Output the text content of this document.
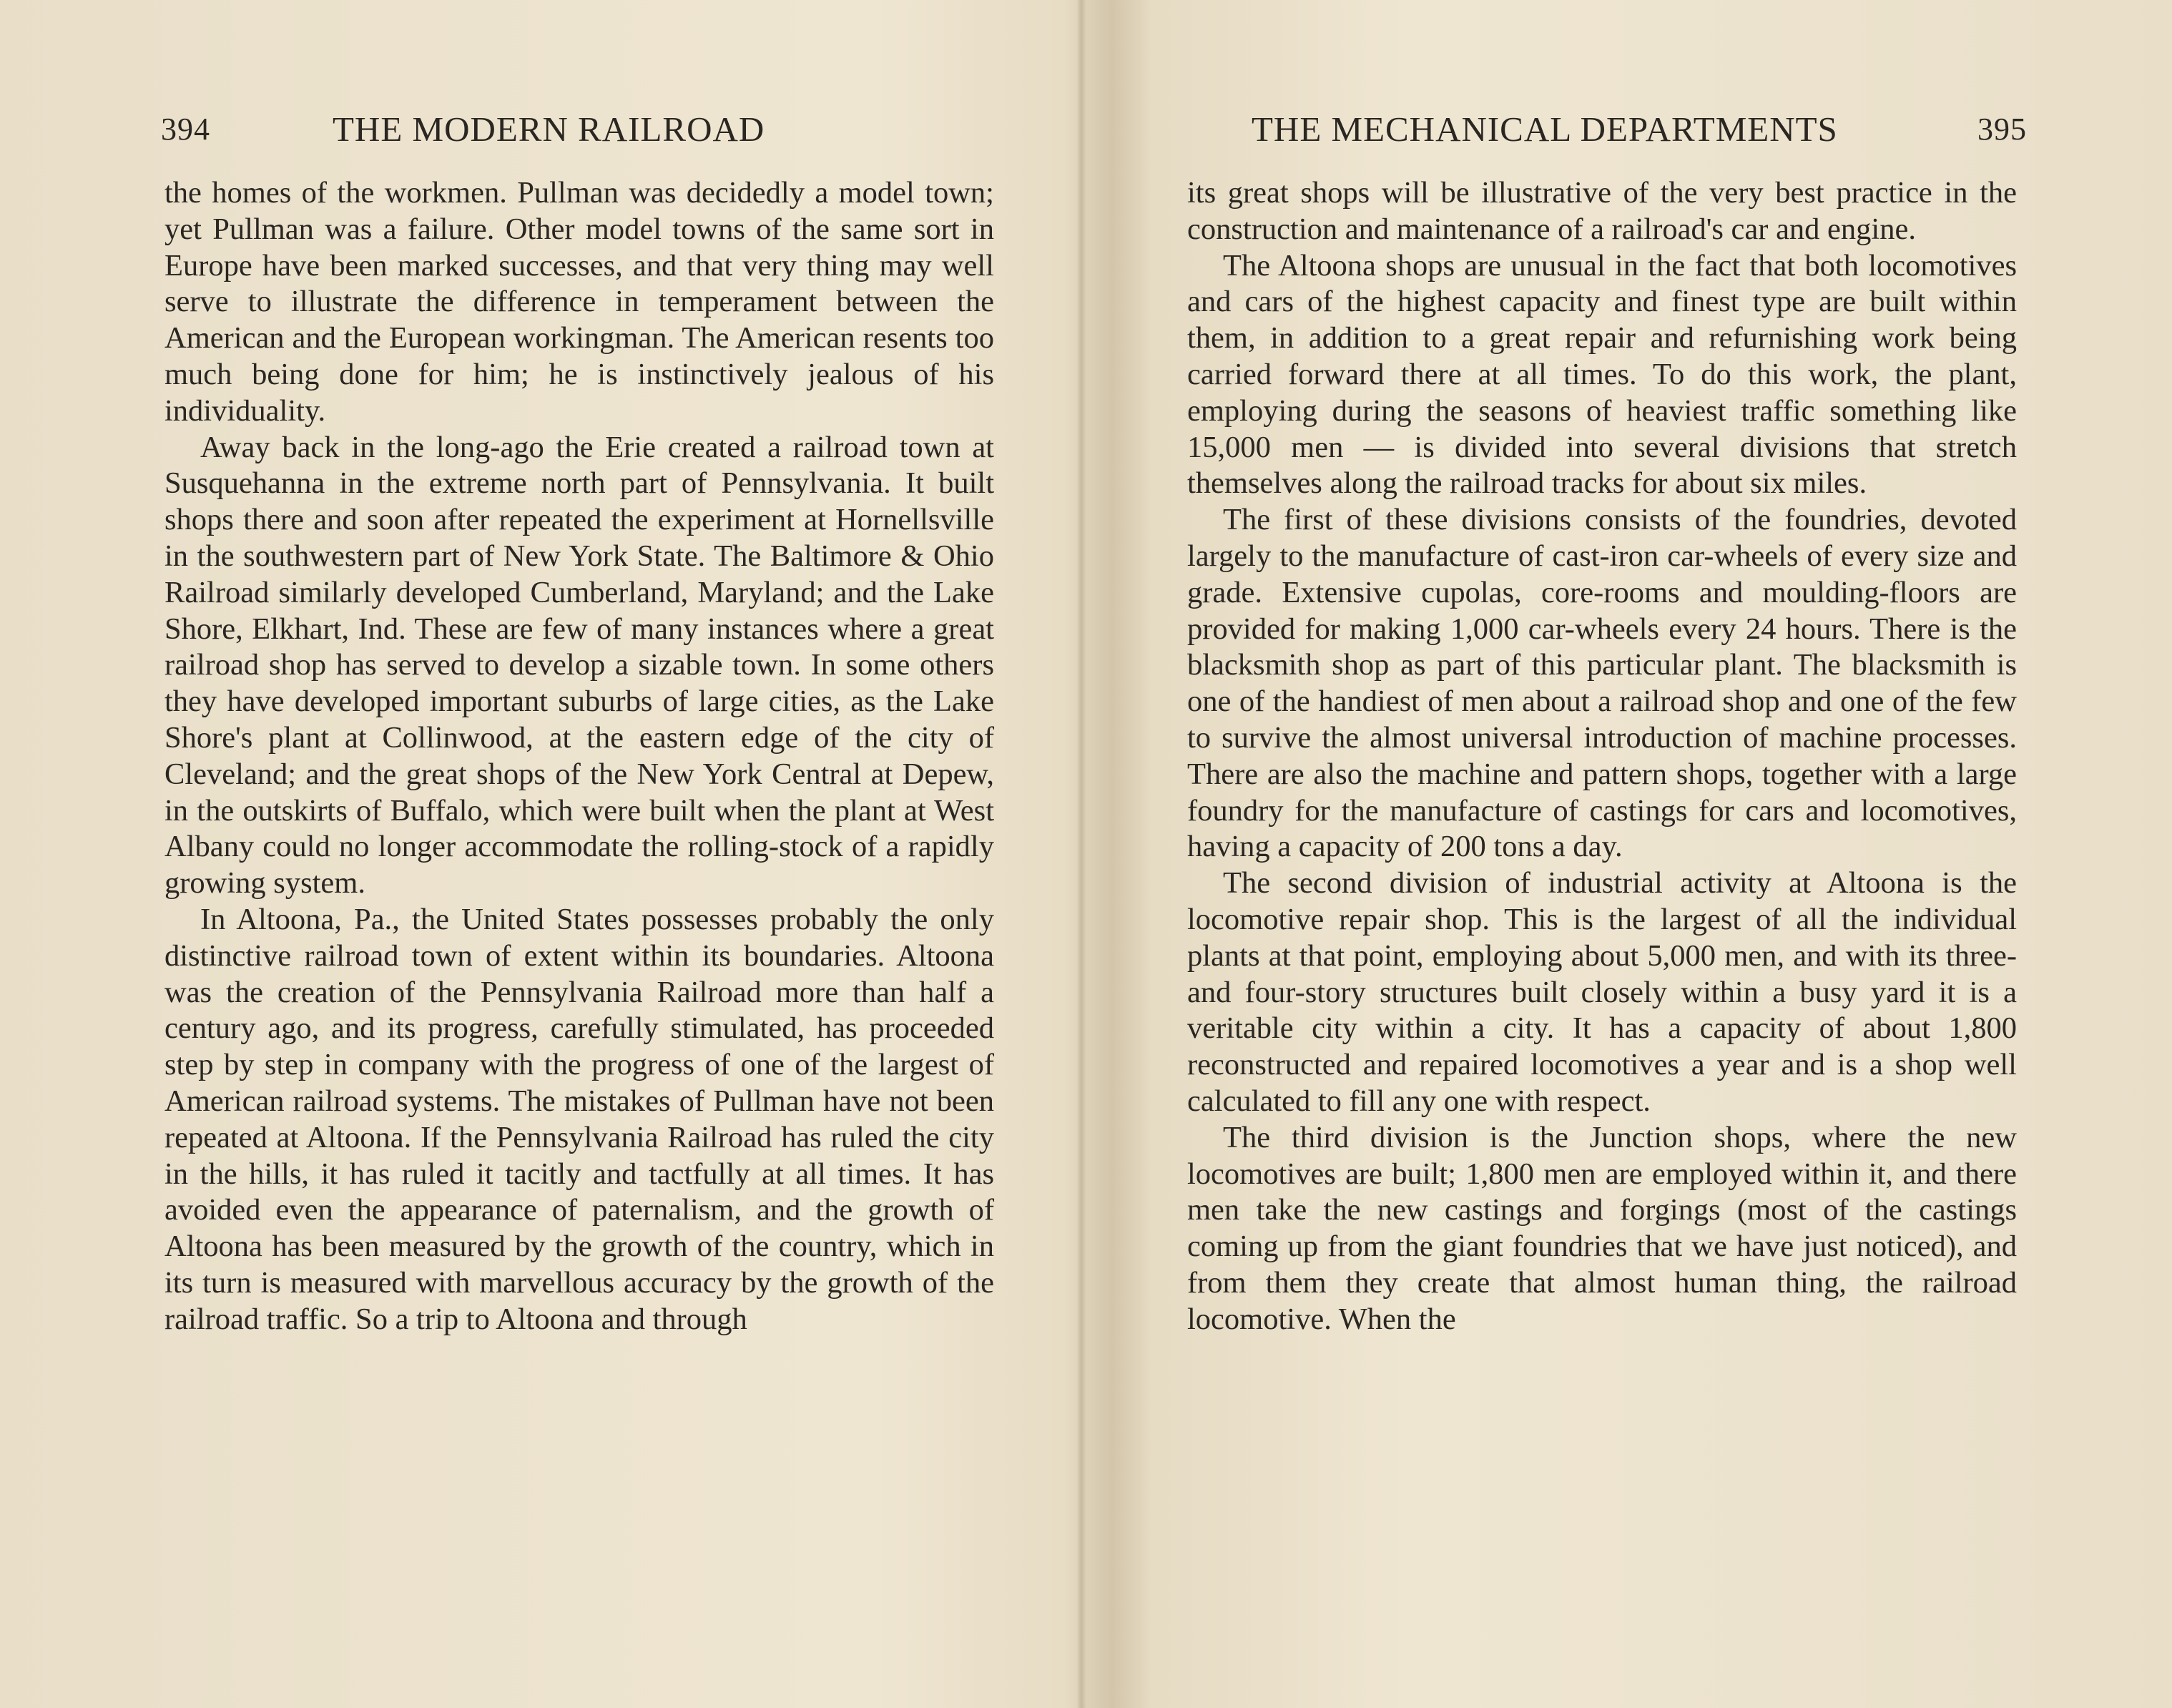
394	THE MODERN RAILROAD

the homes of the workmen. Pullman was decidedly a model town; yet Pullman was a failure. Other model towns of the same sort in Europe have been marked successes, and that very thing may well serve to illustrate the difference in temperament between the American and the European workingman. The American resents too much being done for him; he is instinctively jealous of his individuality.

Away back in the long-ago the Erie created a railroad town at Susquehanna in the extreme north part of Pennsylvania. It built shops there and soon after repeated the experiment at Hornellsville in the southwestern part of New York State. The Baltimore & Ohio Railroad similarly developed Cumberland, Maryland; and the Lake Shore, Elkhart, Ind. These are few of many instances where a great railroad shop has served to develop a sizable town. In some others they have developed important suburbs of large cities, as the Lake Shore's plant at Collinwood, at the eastern edge of the city of Cleveland; and the great shops of the New York Central at Depew, in the outskirts of Buffalo, which were built when the plant at West Albany could no longer accommodate the rolling-stock of a rapidly growing system.

In Altoona, Pa., the United States possesses probably the only distinctive railroad town of extent within its boundaries. Altoona was the creation of the Pennsylvania Railroad more than half a century ago, and its progress, carefully stimulated, has proceeded step by step in company with the progress of one of the largest of American railroad systems. The mistakes of Pullman have not been repeated at Altoona. If the Pennsylvania Railroad has ruled the city in the hills, it has ruled it tacitly and tactfully at all times. It has avoided even the appearance of paternalism, and the growth of Altoona has been measured by the growth of the country, which in its turn is measured with marvellous accuracy by the growth of the railroad traffic. So a trip to Altoona and through

THE MECHANICAL DEPARTMENTS	395

its great shops will be illustrative of the very best practice in the construction and maintenance of a railroad's car and engine.

The Altoona shops are unusual in the fact that both locomotives and cars of the highest capacity and finest type are built within them, in addition to a great repair and refurnishing work being carried forward there at all times. To do this work, the plant, employing during the seasons of heaviest traffic something like 15,000 men — is divided into several divisions that stretch themselves along the railroad tracks for about six miles.

The first of these divisions consists of the foundries, devoted largely to the manufacture of cast-iron car-wheels of every size and grade. Extensive cupolas, core-rooms and moulding-floors are provided for making 1,000 car-wheels every 24 hours. There is the blacksmith shop as part of this particular plant. The blacksmith is one of the handiest of men about a railroad shop and one of the few to survive the almost universal introduction of machine processes. There are also the machine and pattern shops, together with a large foundry for the manufacture of castings for cars and locomotives, having a capacity of 200 tons a day.

The second division of industrial activity at Altoona is the locomotive repair shop. This is the largest of all the individual plants at that point, employing about 5,000 men, and with its three- and four-story structures built closely within a busy yard it is a veritable city within a city. It has a capacity of about 1,800 reconstructed and repaired locomotives a year and is a shop well calculated to fill any one with respect.

The third division is the Junction shops, where the new locomotives are built; 1,800 men are employed within it, and there men take the new castings and forgings (most of the castings coming up from the giant foundries that we have just noticed), and from them they create that almost human thing, the railroad locomotive. When the
